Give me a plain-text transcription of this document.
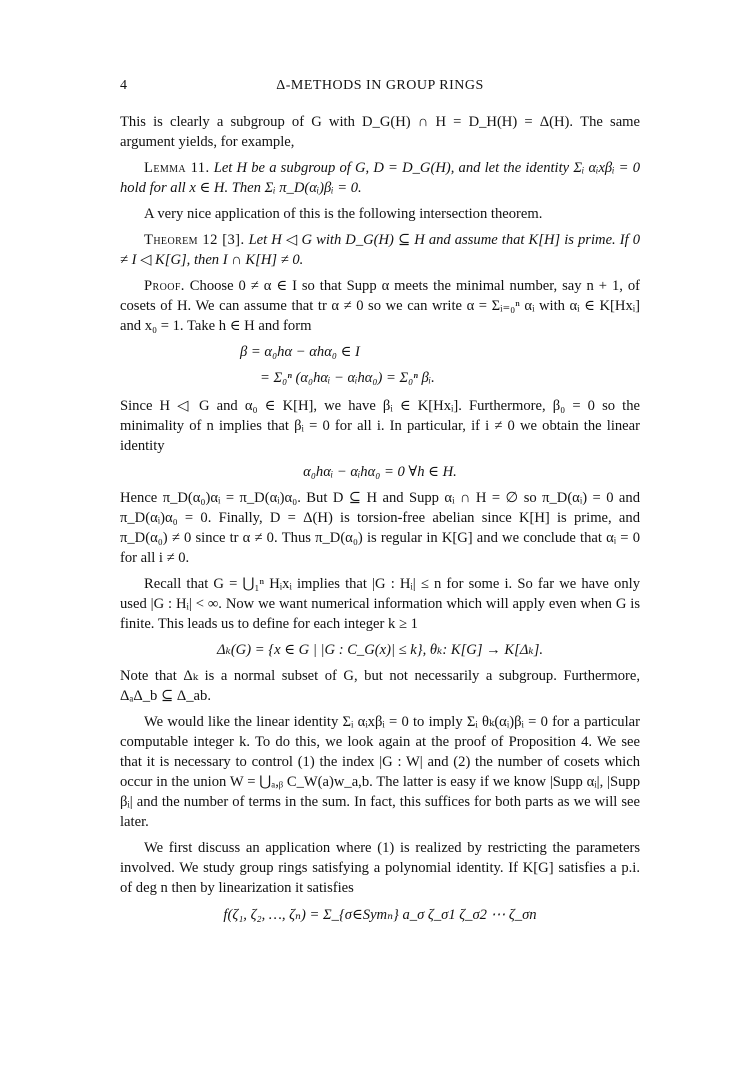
4	Δ-METHODS IN GROUP RINGS

This is clearly a subgroup of G with D_G(H) ∩ H = D_H(H) = Δ(H). The same argument yields, for example,

Lemma 11. Let H be a subgroup of G, D = D_G(H), and let the identity Σᵢ αᵢxβᵢ = 0 hold for all x ∈ H. Then Σᵢ π_D(αᵢ)βᵢ = 0.

A very nice application of this is the following intersection theorem.

Theorem 12 [3]. Let H ◁ G with D_G(H) ⊆ H and assume that K[H] is prime. If 0 ≠ I ◁ K[G], then I ∩ K[H] ≠ 0.

Proof. Choose 0 ≠ α ∈ I so that Supp α meets the minimal number, say n + 1, of cosets of H. We can assume that tr α ≠ 0 so we can write α = Σᵢ₌₀ⁿ αᵢ with αᵢ ∈ K[Hxᵢ] and x₀ = 1. Take h ∈ H and form

β = α₀hα − αhα₀ ∈ I
= Σ₀ⁿ (α₀hαᵢ − αᵢhα₀) = Σ₀ⁿ βᵢ.

Since H ◁ G and α₀ ∈ K[H], we have βᵢ ∈ K[Hxᵢ]. Furthermore, β₀ = 0 so the minimality of n implies that βᵢ = 0 for all i. In particular, if i ≠ 0 we obtain the linear identity

α₀hαᵢ − αᵢhα₀ = 0 ∀h ∈ H.

Hence π_D(α₀)αᵢ = π_D(αᵢ)α₀. But D ⊆ H and Supp αᵢ ∩ H = ∅ so π_D(αᵢ) = 0 and π_D(αᵢ)α₀ = 0. Finally, D = Δ(H) is torsion-free abelian since K[H] is prime, and π_D(α₀) ≠ 0 since tr α ≠ 0. Thus π_D(α₀) is regular in K[G] and we conclude that αᵢ = 0 for all i ≠ 0.

Recall that G = ⋃₁ⁿ Hᵢxᵢ implies that |G : Hᵢ| ≤ n for some i. So far we have only used |G : Hᵢ| < ∞. Now we want numerical information which will apply even when G is finite. This leads us to define for each integer k ≥ 1

Δₖ(G) = {x ∈ G | |G : C_G(x)| ≤ k}, θₖ: K[G] → K[Δₖ].

Note that Δₖ is a normal subset of G, but not necessarily a subgroup. Furthermore, ΔₐΔ_b ⊆ Δ_ab.

We would like the linear identity Σᵢ αᵢxβᵢ = 0 to imply Σᵢ θₖ(αᵢ)βᵢ = 0 for a particular computable integer k. To do this, we look again at the proof of Proposition 4. We see that it is necessary to control (1) the index |G : W| and (2) the number of cosets which occur in the union W = ⋃ₐ,ᵦ C_W(a)w_a,b. The latter is easy if we know |Supp αᵢ|, |Supp βᵢ| and the number of terms in the sum. In fact, this suffices for both parts as we will see later.

We first discuss an application where (1) is realized by restricting the parameters involved. We study group rings satisfying a polynomial identity. If K[G] satisfies a p.i. of deg n then by linearization it satisfies

f(ζ₁, ζ₂, …, ζₙ) = Σ_{σ∈Symₙ} a_σ ζ_σ1 ζ_σ2 ⋯ ζ_σn
